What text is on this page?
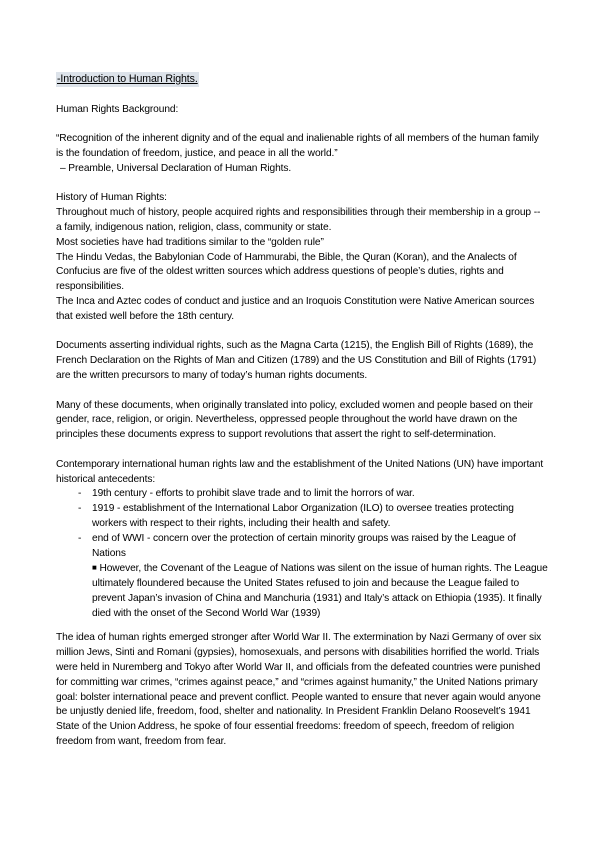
-Introduction to Human Rights.

Human Rights Background:

“Recognition of the inherent dignity and of the equal and inalienable rights of all members of the human family is the foundation of freedom, justice, and peace in all the world.”

– Preamble, Universal Declaration of Human Rights.

History of Human Rights:

Throughout much of history, people acquired rights and responsibilities through their membership in a group -- a family, indigenous nation, religion, class, community or state.

Most societies have had traditions similar to the “golden rule”

The Hindu Vedas, the Babylonian Code of Hammurabi, the Bible, the Quran (Koran), and the Analects of Confucius are five of the oldest written sources which address questions of people’s duties, rights and responsibilities.

The Inca and Aztec codes of conduct and justice and an Iroquois Constitution were Native American sources that existed well before the 18th century.

Documents asserting individual rights, such as the Magna Carta (1215), the English Bill of Rights (1689), the French Declaration on the Rights of Man and Citizen (1789) and the US Constitution and Bill of Rights (1791) are the written precursors to many of today’s human rights documents.

Many of these documents, when originally translated into policy, excluded women and people based on their gender, race, religion, or origin. Nevertheless, oppressed people throughout the world have drawn on the principles these documents express to support revolutions that assert the right to self-determination.

Contemporary international human rights law and the establishment of the United Nations (UN) have important historical antecedents:

- 19th century - efforts to prohibit slave trade and to limit the horrors of war.
- 1919 - establishment of the International Labor Organization (ILO) to oversee treaties protecting workers with respect to their rights, including their health and safety.
- end of WWI - concern over the protection of certain minority groups was raised by the League of Nations
■ However, the Covenant of the League of Nations was silent on the issue of human rights. The League ultimately floundered because the United States refused to join and because the League failed to prevent Japan’s invasion of China and Manchuria (1931) and Italy’s attack on Ethiopia (1935). It finally died with the onset of the Second World War (1939)

The idea of human rights emerged stronger after World War II. The extermination by Nazi Germany of over six million Jews, Sinti and Romani (gypsies), homosexuals, and persons with disabilities horrified the world. Trials were held in Nuremberg and Tokyo after World War II, and officials from the defeated countries were punished for committing war crimes, “crimes against peace,” and “crimes against humanity,” the United Nations primary goal: bolster international peace and prevent conflict. People wanted to ensure that never again would anyone be unjustly denied life, freedom, food, shelter and nationality. In President Franklin Delano Roosevelt’s 1941 State of the Union Address, he spoke of four essential freedoms: freedom of speech, freedom of religion freedom from want, freedom from fear.
